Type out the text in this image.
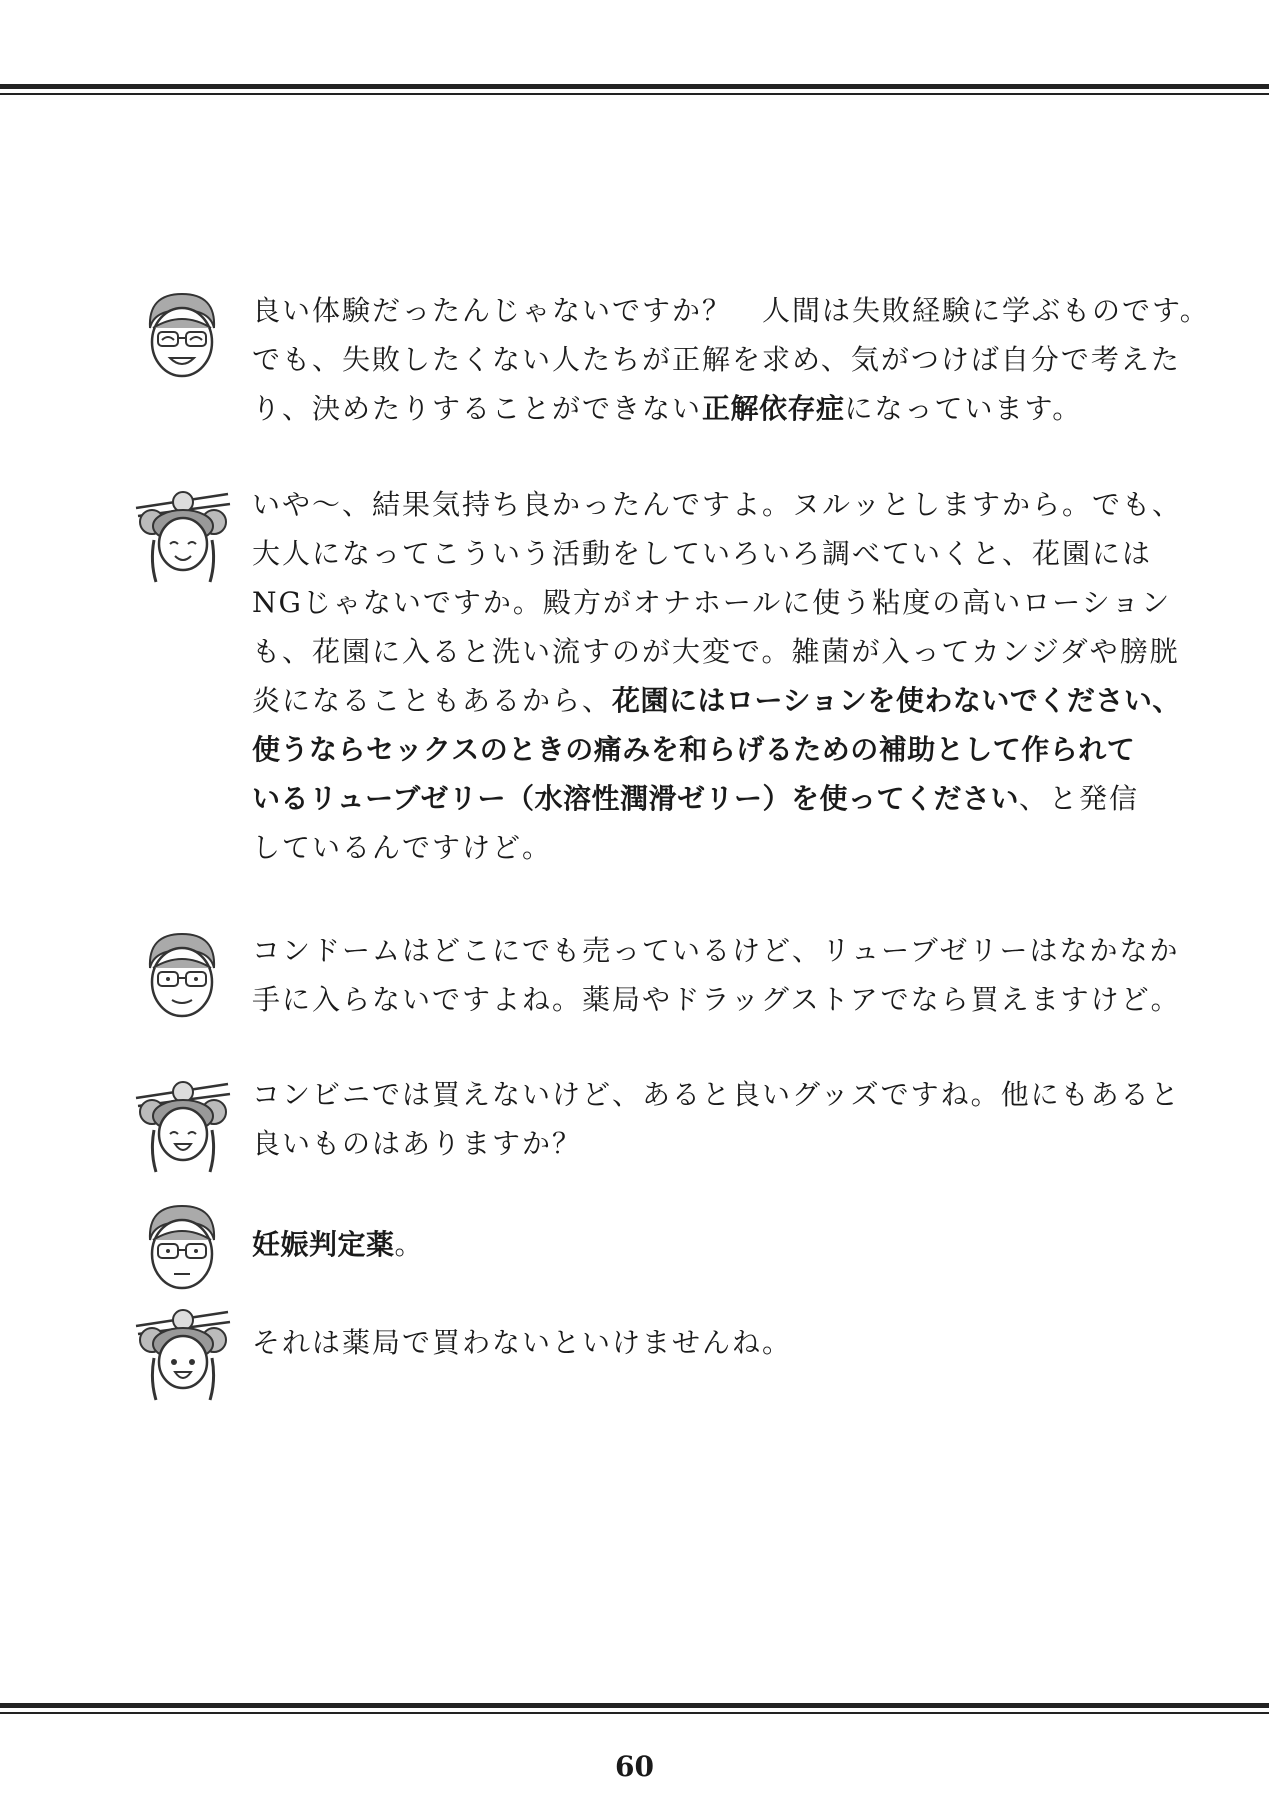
良い体験だったんじゃないですか？　人間は失敗経験に学ぶものです。
でも、失敗したくない人たちが正解を求め、気がつけば自分で考えた
り、決めたりすることができない正解依存症になっています。
いや〜、結果気持ち良かったんですよ。ヌルッとしますから。でも、
大人になってこういう活動をしていろいろ調べていくと、花園には
NGじゃないですか。殿方がオナホールに使う粘度の高いローション
も、花園に入ると洗い流すのが大変で。雑菌が入ってカンジダや膀胱
炎になることもあるから、花園にはローションを使わないでください、
使うならセックスのときの痛みを和らげるための補助として作られて
いるリューブゼリー（水溶性潤滑ゼリー）を使ってください、と発信
しているんですけど。
コンドームはどこにでも売っているけど、リューブゼリーはなかなか
手に入らないですよね。薬局やドラッグストアでなら買えますけど。
コンビニでは買えないけど、あると良いグッズですね。他にもあると
良いものはありますか？
妊娠判定薬。
それは薬局で買わないといけませんね。
60
